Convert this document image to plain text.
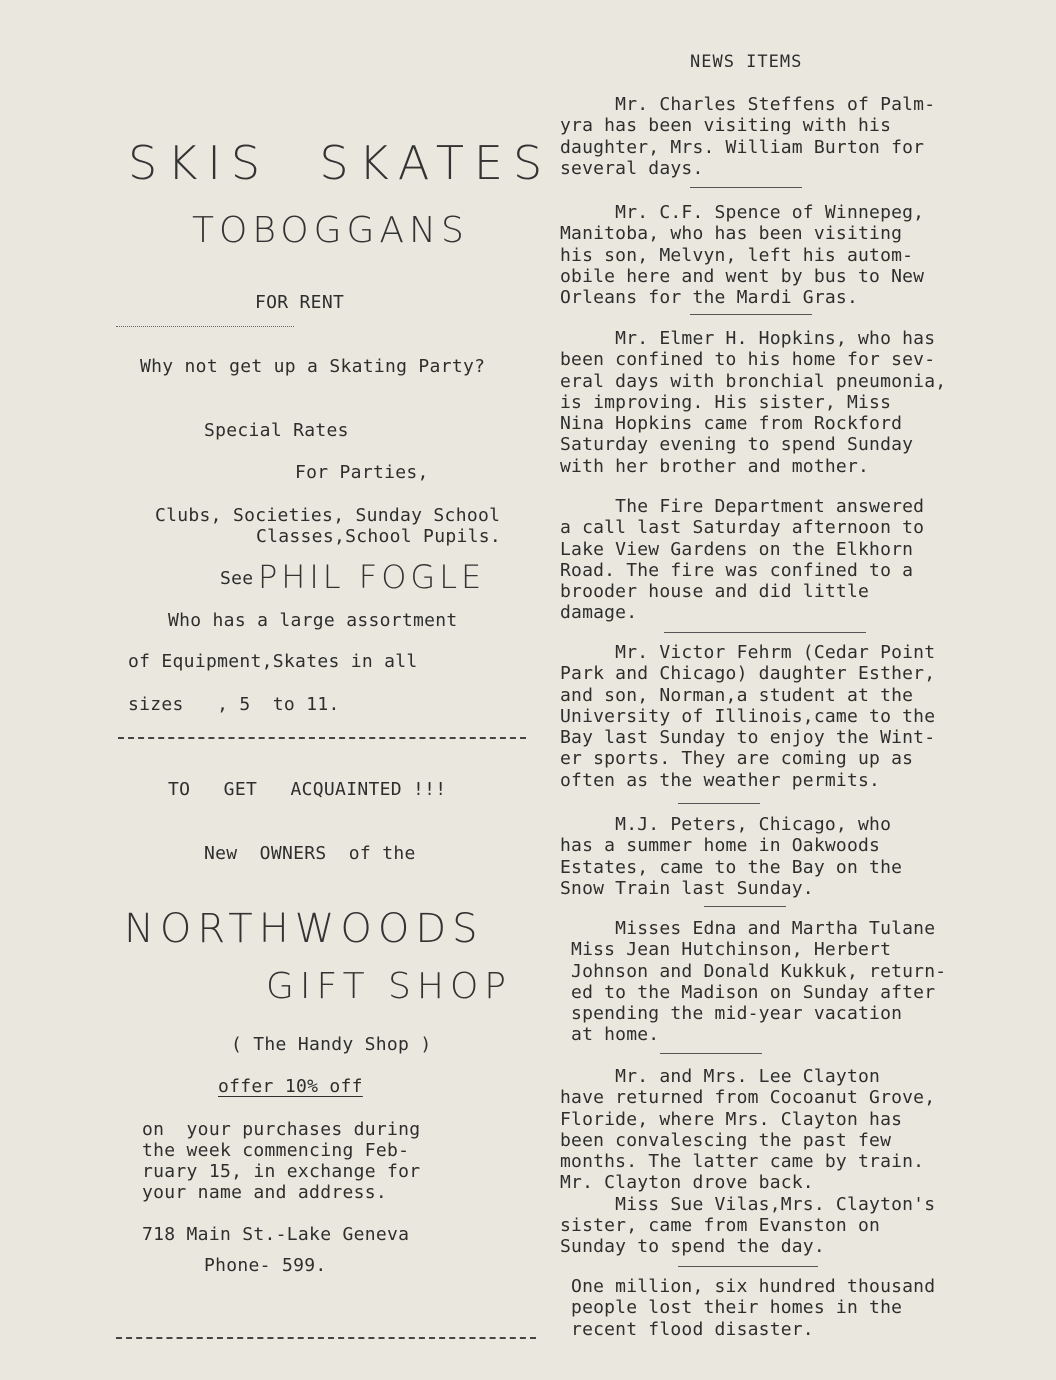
SKIS  SKATES
TOBOGGANS
FOR RENT
Why not get up a Skating Party?
Special Rates
For Parties,
Clubs, Societies, Sunday School
Classes,School Pupils.
See PHIL FOGLE
Who has a large assortment
of Equipment,Skates in all
sizes   , 5  to 11.
TO   GET   ACQUAINTED !!!
New  OWNERS  of the
NORTHWOODS
GIFT SHOP
( The Handy Shop )
offer 10% off
on  your purchases during
the week commencing Feb-
ruary 15, in exchange for
your name and address.
718 Main St.-Lake Geneva
Phone- 599.
NEWS ITEMS
Mr. Charles Steffens of Palm-
yra has been visiting with his
daughter, Mrs. William Burton for
several days.
Mr. C.F. Spence of Winnepeg,
Manitoba, who has been visiting
his son, Melvyn, left his autom-
obile here and went by bus to New
Orleans for the Mardi Gras.
Mr. Elmer H. Hopkins, who has
been confined to his home for sev-
eral days with bronchial pneumonia,
is improving. His sister, Miss
Nina Hopkins came from Rockford
Saturday evening to spend Sunday
with her brother and mother.
The Fire Department answered
a call last Saturday afternoon to
Lake View Gardens on the Elkhorn
Road. The fire was confined to a
brooder house and did little
damage.
Mr. Victor Fehrm (Cedar Point
Park and Chicago) daughter Esther,
and son, Norman,a student at the
University of Illinois,came to the
Bay last Sunday to enjoy the Wint-
er sports. They are coming up as
often as the weather permits.
M.J. Peters, Chicago, who
has a summer home in Oakwoods
Estates, came to the Bay on the
Snow Train last Sunday.
Misses Edna and Martha Tulane
Miss Jean Hutchinson, Herbert
Johnson and Donald Kukkuk, return-
ed to the Madison on Sunday after
spending the mid-year vacation
at home.
Mr. and Mrs. Lee Clayton
have returned from Cocoanut Grove,
Floride, where Mrs. Clayton has
been convalescing the past few
months. The latter came by train.
Mr. Clayton drove back.
Miss Sue Vilas,Mrs. Clayton's
sister, came from Evanston on
Sunday to spend the day.
One million, six hundred thousand
people lost their homes in the
recent flood disaster.
